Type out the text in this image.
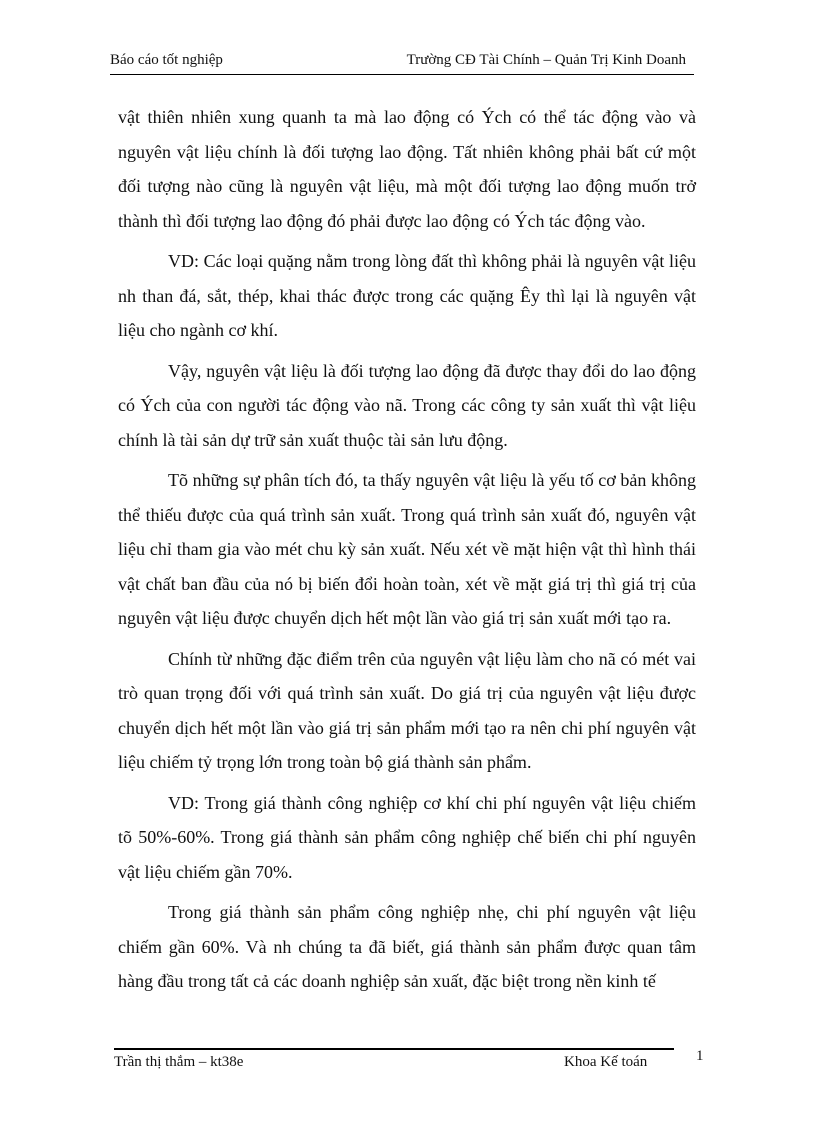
Báo cáo tốt nghiệp	Trường CĐ Tài Chính – Quản Trị Kinh Doanh

vật thiên nhiên xung quanh ta mà lao động có Ých có thể tác động vào và nguyên vật liệu chính là đối tượng lao động. Tất nhiên không phải bất cứ một đối tượng nào cũng là nguyên vật liệu, mà một đối tượng lao động muốn trở thành thì đối tượng lao động đó phải được lao động có Ých tác động vào.

VD: Các loại quặng nằm trong lòng đất thì không phải là nguyên vật liệu nh than đá, sắt, thép, khai thác được trong các quặng Êy thì lại là nguyên vật liệu cho ngành cơ khí.

Vậy, nguyên vật liệu là đối tượng lao động đã được thay đổi do lao động có Ých của con người tác động vào nã. Trong các công ty sản xuất thì vật liệu chính là tài sản dự trữ sản xuất thuộc tài sản lưu động.

Tõ những sự phân tích đó, ta thấy nguyên vật liệu là yếu tố cơ bản không thể thiếu được của quá trình sản xuất. Trong quá trình sản xuất đó, nguyên vật liệu chỉ tham gia vào mét chu kỳ sản xuất. Nếu xét về mặt hiện vật thì hình thái vật chất ban đầu của nó bị biến đổi hoàn toàn, xét về mặt giá trị thì giá trị của nguyên vật liệu được chuyển dịch hết một lần vào giá trị sản xuất mới tạo ra.

Chính từ những đặc điểm trên của nguyên vật liệu làm cho nã có mét vai trò quan trọng đối với quá trình sản xuất. Do giá trị của nguyên vật liệu được chuyển dịch hết một lần vào giá trị sản phẩm mới tạo ra nên chi phí nguyên vật liệu chiếm tỷ trọng lớn trong toàn bộ giá thành sản phẩm.

VD: Trong giá thành công nghiệp cơ khí chi phí nguyên vật liệu chiếm tõ 50%-60%. Trong giá thành sản phẩm công nghiệp chế biến chi phí nguyên vật liệu chiếm gần 70%.

Trong giá thành sản phẩm công nghiệp nhẹ, chi phí nguyên vật liệu chiếm gần 60%. Và nh chúng ta đã biết, giá thành sản phẩm được quan tâm hàng đầu trong tất cả các doanh nghiệp sản xuất, đặc biệt trong nền kinh tế

Trần thị thắm – kt38e	Khoa Kế toán	1
